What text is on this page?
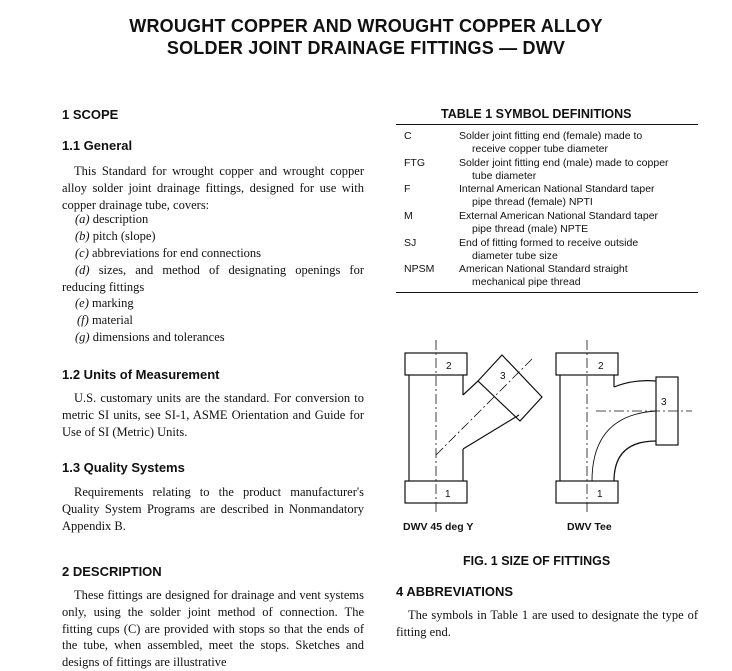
WROUGHT COPPER AND WROUGHT COPPER ALLOY
SOLDER JOINT DRAINAGE FITTINGS — DWV
1 SCOPE
1.1 General
This Standard for wrought copper and wrought copper alloy solder joint drainage fittings, designed for use with copper drainage tube, covers:
(a) description
(b) pitch (slope)
(c) abbreviations for end connections
(d) sizes, and method of designating openings for reducing fittings
(e) marking
(f) material
(g) dimensions and tolerances
1.2 Units of Measurement
U.S. customary units are the standard. For conversion to metric SI units, see SI-1, ASME Orientation and Guide for Use of SI (Metric) Units.
1.3 Quality Systems
Requirements relating to the product manufacturer's Quality System Programs are described in Nonmandatory Appendix B.
2 DESCRIPTION
These fittings are designed for drainage and vent systems only, using the solder joint method of connection. The fitting cups (C) are provided with stops so that the ends of the tube, when assembled, meet the stops. Sketches and designs of fittings are illustrative
TABLE 1 SYMBOL DEFINITIONS
C	Solder joint fitting end (female) made to
receive copper tube diameter
FTG	Solder joint fitting end (male) made to copper
tube diameter
F	Internal American National Standard taper
pipe thread (female) NPTI
M	External American National Standard taper
pipe thread (male) NPTE
SJ	End of fitting formed to receive outside
diameter tube size
NPSM American National Standard straight
mechanical pipe thread
2
3
1
2
3
1
DWV 45 deg Y	DWV Tee
FIG. 1 SIZE OF FITTINGS
4 ABBREVIATIONS
The symbols in Table 1 are used to designate the type of fitting end.
